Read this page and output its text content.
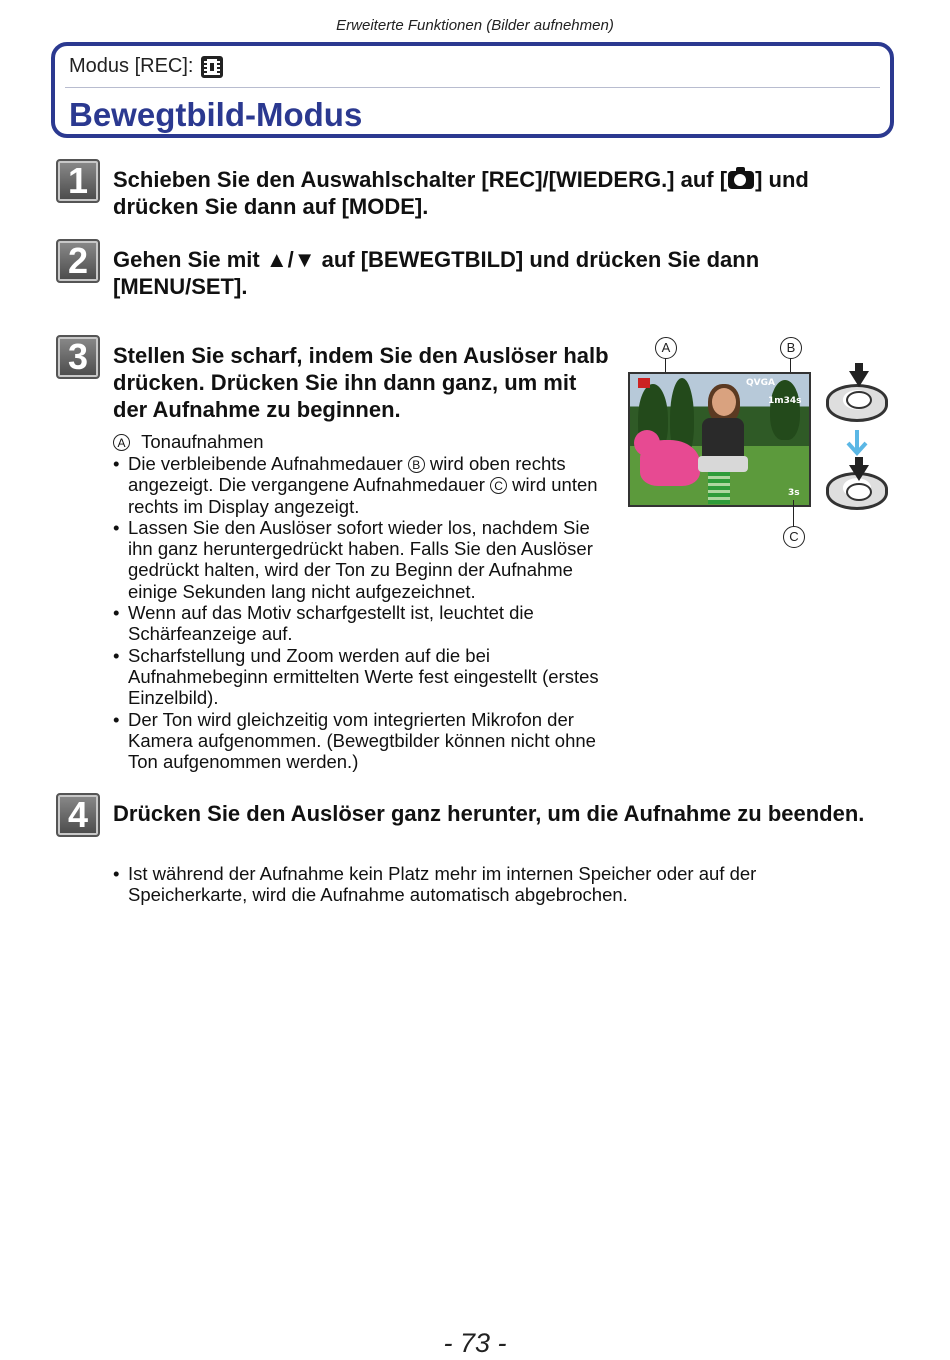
Erweiterte Funktionen (Bilder aufnehmen)
Modus [REC]:
Bewegtbild-Modus
1	Schieben Sie den Auswahlschalter [REC]/[WIEDERG.] auf [ ] und drücken Sie dann auf [MODE].

2	Gehen Sie mit ▲/▼ auf [BEWEGTBILD] und drücken Sie dann [MENU/SET].

3	Stellen Sie scharf, indem Sie den Auslöser halb drücken. Drücken Sie ihn dann ganz, um mit der Aufnahme zu beginnen.

A Tonaufnahmen
• Die verbleibende Aufnahmedauer B wird oben rechts angezeigt. Die vergangene Aufnahmedauer C wird unten rechts im Display angezeigt.
• Lassen Sie den Auslöser sofort wieder los, nachdem Sie ihn ganz heruntergedrückt haben. Falls Sie den Auslöser gedrückt halten, wird der Ton zu Beginn der Aufnahme einige Sekunden lang nicht aufgezeichnet.
• Wenn auf das Motiv scharfgestellt ist, leuchtet die Schärfeanzeige auf.
• Scharfstellung und Zoom werden auf die bei Aufnahmebeginn ermittelten Werte fest eingestellt (erstes Einzelbild).
• Der Ton wird gleichzeitig vom integrierten Mikrofon der Kamera aufgenommen. (Bewegtbilder können nicht ohne Ton aufgenommen werden.)
A	B
QVGA
1m34s
3s
C
4	Drücken Sie den Auslöser ganz herunter, um die Aufnahme zu beenden.

• Ist während der Aufnahme kein Platz mehr im internen Speicher oder auf der Speicherkarte, wird die Aufnahme automatisch abgebrochen.
- 73 -
